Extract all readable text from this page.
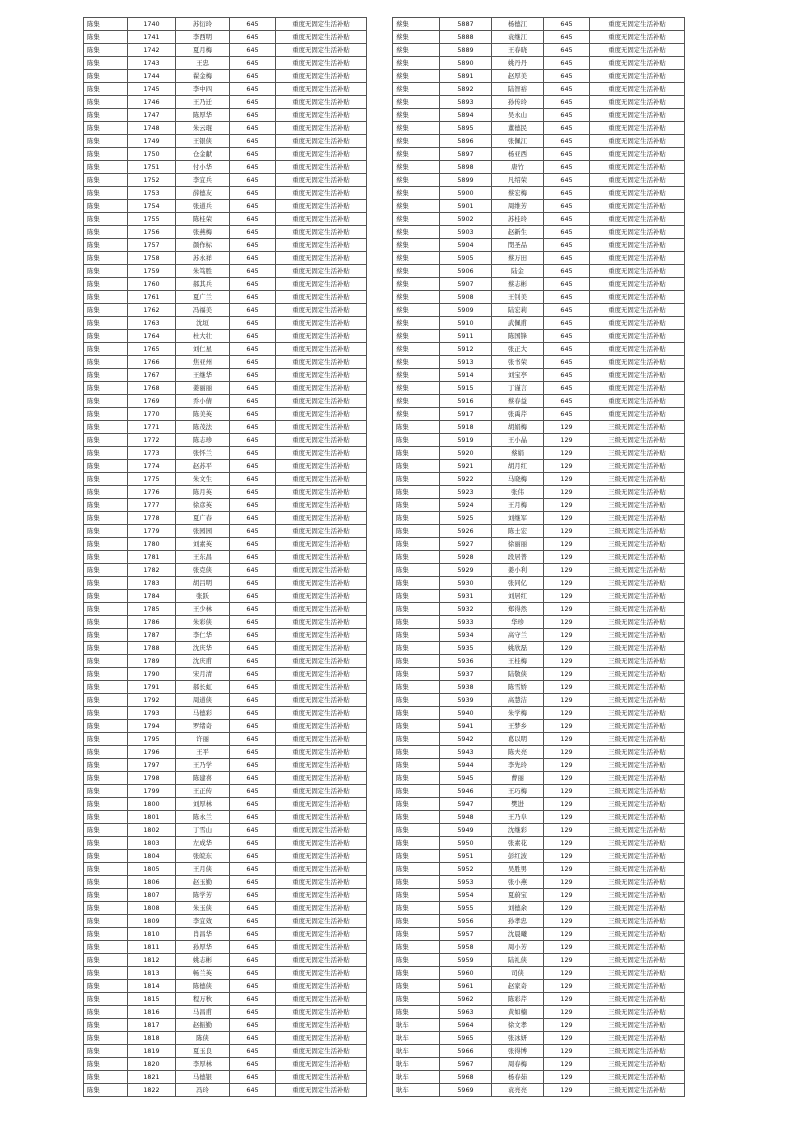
陈集	1740	苏衍玲	645	重度无固定生活补贴
陈集	1741	李西明	645	重度无固定生活补贴
陈集	1742	夏月梅	645	重度无固定生活补贴
陈集	1743	王忠	645	重度无固定生活补贴
陈集	1744	翟金梅	645	重度无固定生活补贴
陈集	1745	李中四	645	重度无固定生活补贴
陈集	1746	王乃迁	645	重度无固定生活补贴
陈集	1747	陈厚华	645	重度无固定生活补贴
陈集	1748	朱云琨	645	重度无固定生活补贴
陈集	1749	王银侠	645	重度无固定生活补贴
陈集	1750	仓金献	645	重度无固定生活补贴
陈集	1751	付小华	645	重度无固定生活补贴
陈集	1752	李宜兵	645	重度无固定生活补贴
陈集	1753	薛德友	645	重度无固定生活补贴
陈集	1754	张道兵	645	重度无固定生活补贴
陈集	1755	陈桂荣	645	重度无固定生活补贴
陈集	1756	张燕梅	645	重度无固定生活补贴
陈集	1757	颜作标	645	重度无固定生活补贴
陈集	1758	苏永祥	645	重度无固定生活补贴
陈集	1759	朱笃胜	645	重度无固定生活补贴
陈集	1760	郝其兵	645	重度无固定生活补贴
陈集	1761	夏广兰	645	重度无固定生活补贴
陈集	1762	冯福美	645	重度无固定生活补贴
陈集	1763	沈垣	645	重度无固定生活补贴
陈集	1764	杜大壮	645	重度无固定生活补贴
陈集	1765	刘仁星	645	重度无固定生活补贴
陈集	1766	焦亚州	645	重度无固定生活补贴
陈集	1767	王继华	645	重度无固定生活补贴
陈集	1768	姜丽丽	645	重度无固定生活补贴
陈集	1769	乔小倩	645	重度无固定生活补贴
陈集	1770	陈美英	645	重度无固定生活补贴
陈集	1771	陈茂法	645	重度无固定生活补贴
陈集	1772	陈志珍	645	重度无固定生活补贴
陈集	1773	张怀兰	645	重度无固定生活补贴
陈集	1774	赵苏平	645	重度无固定生活补贴
陈集	1775	朱文生	645	重度无固定生活补贴
陈集	1776	陈月英	645	重度无固定生活补贴
陈集	1777	徐彦英	645	重度无固定生活补贴
陈集	1778	夏广春	645	重度无固定生活补贴
陈集	1779	张园园	645	重度无固定生活补贴
陈集	1780	刘素英	645	重度无固定生活补贴
陈集	1781	王东昌	645	重度无固定生活补贴
陈集	1782	张克侠	645	重度无固定生活补贴
陈集	1783	胡吕明	645	重度无固定生活补贴
陈集	1784	张跃	645	重度无固定生活补贴
陈集	1785	王少林	645	重度无固定生活补贴
陈集	1786	朱彩侠	645	重度无固定生活补贴
陈集	1787	李仁华	645	重度无固定生活补贴
陈集	1788	沈庆华	645	重度无固定生活补贴
陈集	1789	沈庆甫	645	重度无固定生活补贴
陈集	1790	宋月清	645	重度无固定生活补贴
陈集	1791	郝长虹	645	重度无固定生活补贴
陈集	1792	周道侠	645	重度无固定生活补贴
陈集	1793	马德彩	645	重度无固定生活补贴
陈集	1794	罗绪奇	645	重度无固定生活补贴
陈集	1795	许丽	645	重度无固定生活补贴
陈集	1796	王平	645	重度无固定生活补贴
陈集	1797	王乃学	645	重度无固定生活补贴
陈集	1798	陈建喜	645	重度无固定生活补贴
陈集	1799	王正传	645	重度无固定生活补贴
陈集	1800	刘厚林	645	重度无固定生活补贴
陈集	1801	陈永兰	645	重度无固定生活补贴
陈集	1802	丁雪山	645	重度无固定生活补贴
陈集	1803	左成华	645	重度无固定生活补贴
陈集	1804	张皖东	645	重度无固定生活补贴
陈集	1805	王月侠	645	重度无固定生活补贴
陈集	1806	赵玉勤	645	重度无固定生活补贴
陈集	1807	陈学芳	645	重度无固定生活补贴
陈集	1808	朱玉侠	645	重度无固定生活补贴
陈集	1809	李宜效	645	重度无固定生活补贴
陈集	1810	肖昌华	645	重度无固定生活补贴
陈集	1811	孙厚华	645	重度无固定生活补贴
陈集	1812	姚志彬	645	重度无固定生活补贴
陈集	1813	畅兰英	645	重度无固定生活补贴
陈集	1814	陈德侠	645	重度无固定生活补贴
陈集	1815	程万秋	645	重度无固定生活补贴
陈集	1816	马昌甫	645	重度无固定生活补贴
陈集	1817	赵振勤	645	重度无固定生活补贴
陈集	1818	陈侠	645	重度无固定生活补贴
陈集	1819	夏玉良	645	重度无固定生活补贴
陈集	1820	李厚林	645	重度无固定生活补贴
陈集	1821	马德银	645	重度无固定生活补贴
陈集	1822	冯玲	645	重度无固定生活补贴
蔡集	5887	杨德江	645	重度无固定生活补贴
蔡集	5888	袁继江	645	重度无固定生活补贴
蔡集	5889	王春晓	645	重度无固定生活补贴
蔡集	5890	姚丹丹	645	重度无固定生活补贴
蔡集	5891	赵厚美	645	重度无固定生活补贴
蔡集	5892	陆智裕	645	重度无固定生活补贴
蔡集	5893	孙传玲	645	重度无固定生活补贴
蔡集	5894	吴永山	645	重度无固定生活补贴
蔡集	5895	董德民	645	重度无固定生活补贴
蔡集	5896	张佩江	645	重度无固定生活补贴
蔡集	5897	杨亚西	645	重度无固定生活补贴
蔡集	5898	唐竹	645	重度无固定生活补贴
蔡集	5899	凡绍荣	645	重度无固定生活补贴
蔡集	5900	蔡宏梅	645	重度无固定生活补贴
蔡集	5901	周维芳	645	重度无固定生活补贴
蔡集	5902	苏桂玲	645	重度无固定生活补贴
蔡集	5903	赵新生	645	重度无固定生活补贴
蔡集	5904	閔圣品	645	重度无固定生活补贴
蔡集	5905	蔡万田	645	重度无固定生活补贴
蔡集	5906	陆金	645	重度无固定生活补贴
蔡集	5907	蔡志彬	645	重度无固定生活补贴
蔡集	5908	王钊美	645	重度无固定生活补贴
蔡集	5909	陆宏莉	645	重度无固定生活补贴
蔡集	5910	武佩甫	645	重度无固定生活补贴
蔡集	5911	陈国锋	645	重度无固定生活补贴
蔡集	5912	张正大	645	重度无固定生活补贴
蔡集	5913	张书荣	645	重度无固定生活补贴
蔡集	5914	刘宝亭	645	重度无固定生活补贴
蔡集	5915	丁谨言	645	重度无固定生活补贴
蔡集	5916	蔡春益	645	重度无固定生活补贴
蔡集	5917	张禹芹	645	重度无固定生活补贴
陈集	5918	胡娟梅	129	三级无固定生活补贴
陈集	5919	王小晶	129	三级无固定生活补贴
陈集	5920	蔡娟	129	三级无固定生活补贴
陈集	5921	胡月红	129	三级无固定生活补贴
陈集	5922	马晓梅	129	三级无固定生活补贴
陈集	5923	张伟	129	三级无固定生活补贴
陈集	5924	王月梅	129	三级无固定生活补贴
陈集	5925	刘继军	129	三级无固定生活补贴
陈集	5926	陈士宏	129	三级无固定生活补贴
陈集	5927	徐丽丽	129	三级无固定生活补贴
陈集	5928	段居普	129	三级无固定生活补贴
陈集	5929	姜小利	129	三级无固定生活补贴
陈集	5930	张同亿	129	三级无固定生活补贴
陈集	5931	刘居红	129	三级无固定生活补贴
陈集	5932	郑得然	129	三级无固定生活补贴
陈集	5933	华珍	129	三级无固定生活补贴
陈集	5934	高守兰	129	三级无固定生活补贴
陈集	5935	姚欣磊	129	三级无固定生活补贴
陈集	5936	王桂梅	129	三级无固定生活补贴
陈集	5937	陆敬侠	129	三级无固定生活补贴
陈集	5938	陈雪娇	129	三级无固定生活补贴
陈集	5939	高慧洁	129	三级无固定生活补贴
陈集	5940	朱学梅	129	三级无固定生活补贴
陈集	5941	王梦乡	129	三级无固定生活补贴
陈集	5942	葛以明	129	三级无固定生活补贴
陈集	5943	陈夫亮	129	三级无固定生活补贴
陈集	5944	李先玲	129	三级无固定生活补贴
陈集	5945	曹丽	129	三级无固定生活补贴
陈集	5946	王巧梅	129	三级无固定生活补贴
陈集	5947	樊进	129	三级无固定生活补贴
陈集	5948	王乃阜	129	三级无固定生活补贴
陈集	5949	沈继彩	129	三级无固定生活补贴
陈集	5950	张素花	129	三级无固定生活补贴
陈集	5951	彭红波	129	三级无固定生活补贴
陈集	5952	吴胜男	129	三级无固定生活补贴
陈集	5953	张小燕	129	三级无固定生活补贴
陈集	5954	夏蔚宝	129	三级无固定生活补贴
陈集	5955	刘德余	129	三级无固定生活补贴
陈集	5956	孙孝忠	129	三级无固定生活补贴
陈集	5957	沈晨曦	129	三级无固定生活补贴
陈集	5958	周小芳	129	三级无固定生活补贴
陈集	5959	陆礼侠	129	三级无固定生活补贴
陈集	5960	司侠	129	三级无固定生活补贴
陈集	5961	赵家奇	129	三级无固定生活补贴
陈集	5962	陈彩芹	129	三级无固定生活补贴
陈集	5963	黄如楠	129	三级无固定生活补贴
耿车	5964	徐文孝	129	三级无固定生活补贴
耿车	5965	张冰妍	129	三级无固定生活补贴
耿车	5966	张得博	129	三级无固定生活补贴
耿车	5967	周春梅	129	三级无固定生活补贴
耿车	5968	杨春茹	129	三级无固定生活补贴
耿车	5969	袁亮亮	129	三级无固定生活补贴
